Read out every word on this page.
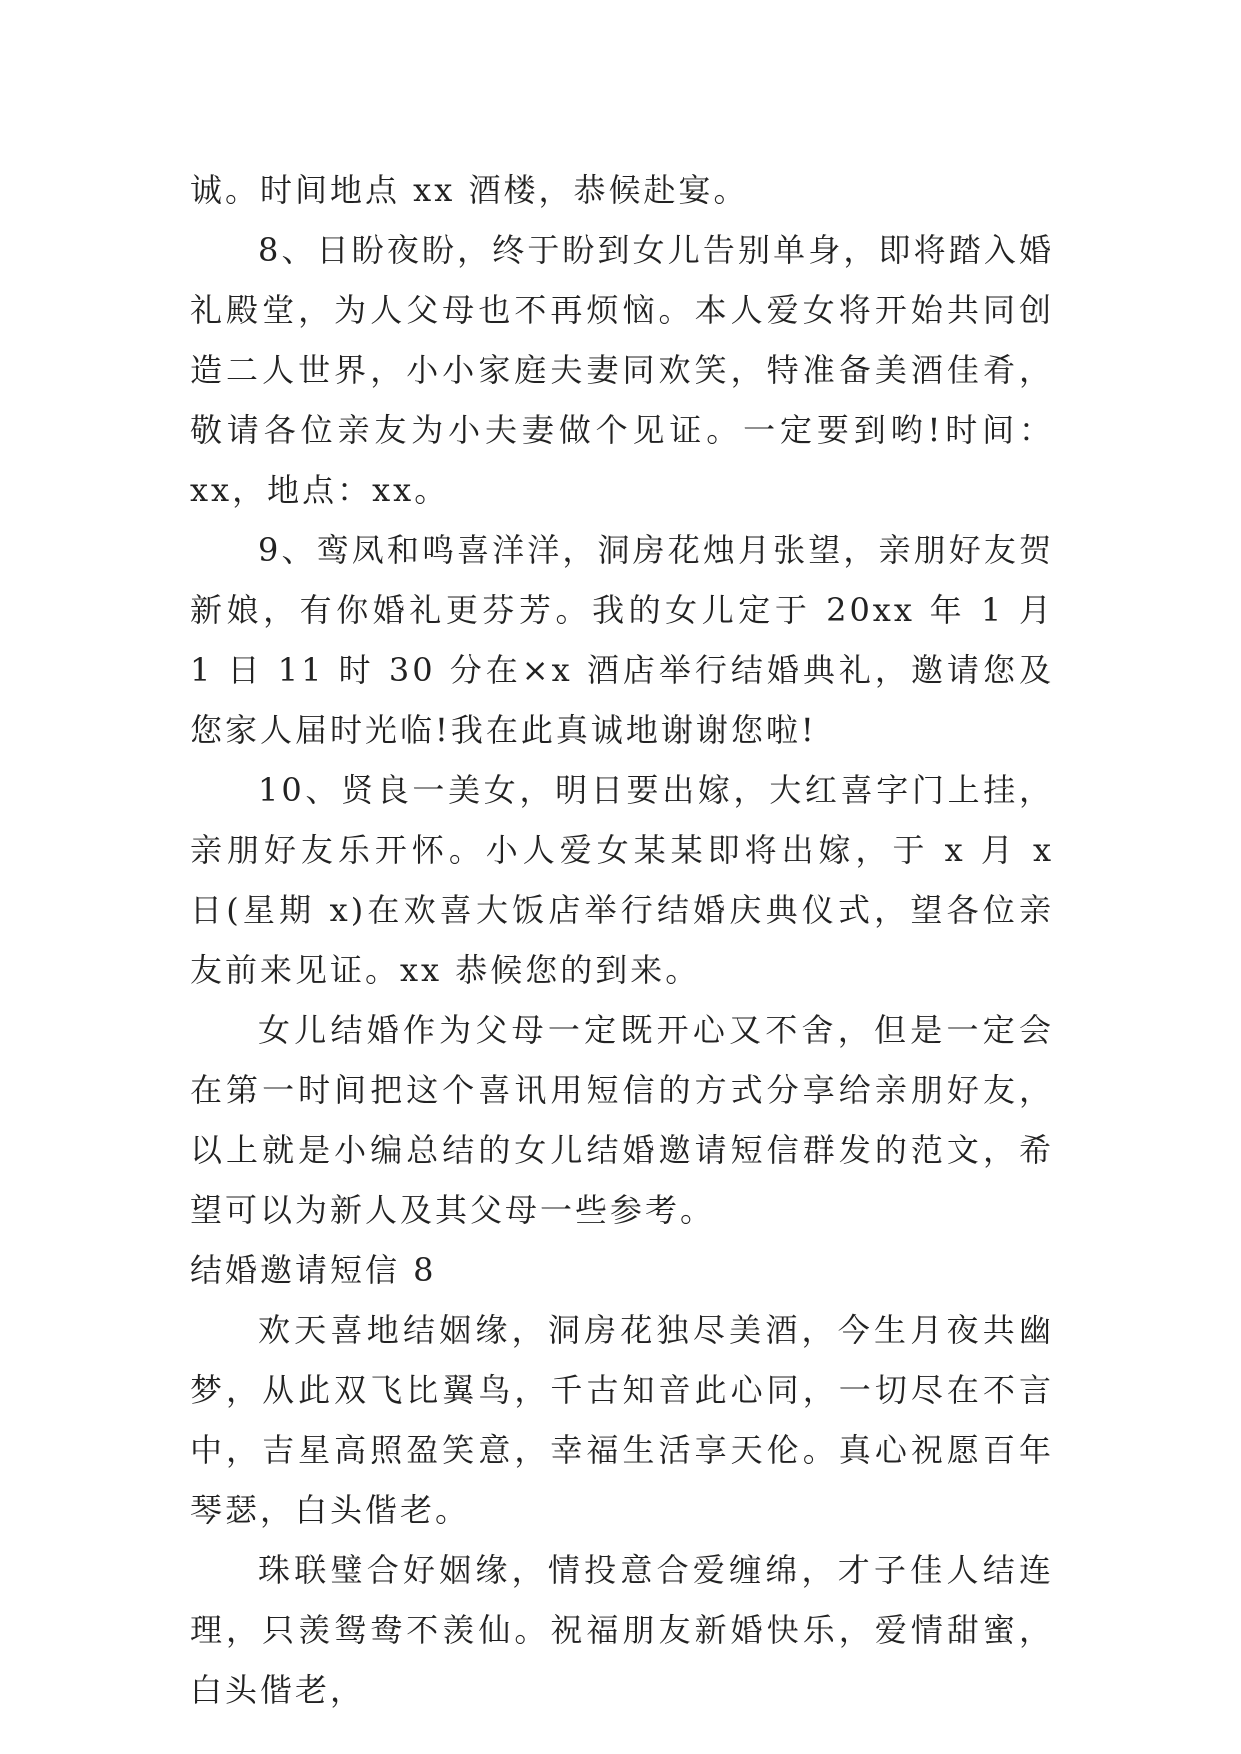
诚。时间地点 xx 酒楼，恭候赴宴。

8、日盼夜盼，终于盼到女儿告别单身，即将踏入婚礼殿堂，为人父母也不再烦恼。本人爱女将开始共同创造二人世界，小小家庭夫妻同欢笑，特准备美酒佳肴，敬请各位亲友为小夫妻做个见证。一定要到哟!时间：xx，地点：xx。

9、鸾凤和鸣喜洋洋，洞房花烛月张望，亲朋好友贺新娘，有你婚礼更芬芳。我的女儿定于 20xx 年 1 月 1 日 11 时 30 分在×x 酒店举行结婚典礼，邀请您及您家人届时光临!我在此真诚地谢谢您啦!

10、贤良一美女，明日要出嫁，大红喜字门上挂，亲朋好友乐开怀。小人爱女某某即将出嫁，于 x 月 x 日(星期 x)在欢喜大饭店举行结婚庆典仪式，望各位亲友前来见证。xx 恭候您的到来。

女儿结婚作为父母一定既开心又不舍，但是一定会在第一时间把这个喜讯用短信的方式分享给亲朋好友，以上就是小编总结的女儿结婚邀请短信群发的范文，希望可以为新人及其父母一些参考。

结婚邀请短信 8

欢天喜地结姻缘，洞房花独尽美酒，今生月夜共幽梦，从此双飞比翼鸟，千古知音此心同，一切尽在不言中，吉星高照盈笑意，幸福生活享天伦。真心祝愿百年琴瑟，白头偕老。

珠联璧合好姻缘，情投意合爱缠绵，才子佳人结连理，只羡鸳鸯不羡仙。祝福朋友新婚快乐，爱情甜蜜，白头偕老，
